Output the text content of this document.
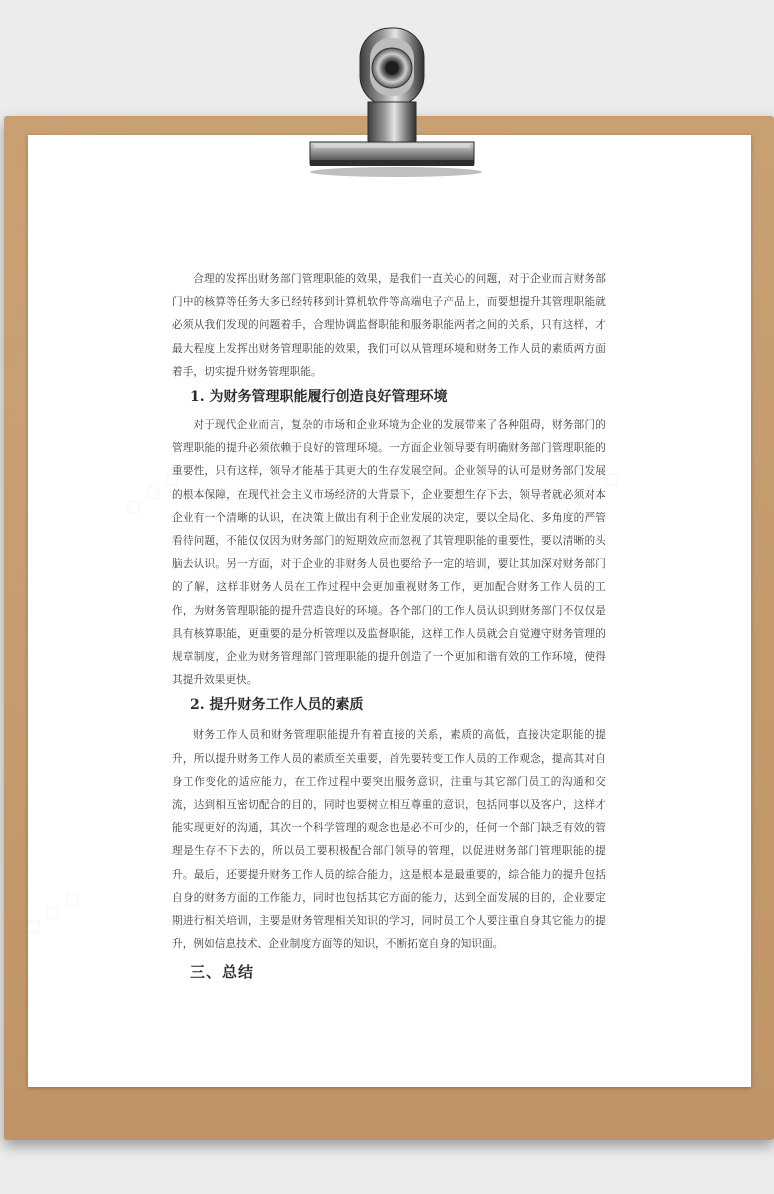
合理的发挥出财务部门管理职能的效果，是我们一直关心的问题，对于企业而言财务部门中的核算等任务大多已经转移到计算机软件等高端电子产品上，而要想提升其管理职能就必须从我们发现的问题着手，合理协调监督职能和服务职能两者之间的关系，只有这样，才最大程度上发挥出财务管理职能的效果，我们可以从管理环境和财务工作人员的素质两方面着手，切实提升财务管理职能。

1. 为财务管理职能履行创造良好管理环境

对于现代企业而言，复杂的市场和企业环境为企业的发展带来了各种阻碍，财务部门的管理职能的提升必须依赖于良好的管理环境。一方面企业领导要有明确财务部门管理职能的重要性，只有这样，领导才能基于其更大的生存发展空间。企业领导的认可是财务部门发展的根本保障，在现代社会主义市场经济的大背景下，企业要想生存下去，领导者就必须对本企业有一个清晰的认识，在决策上做出有利于企业发展的决定，要以全局化、多角度的严管看待问题，不能仅仅因为财务部门的短期效应而忽视了其管理职能的重要性，要以清晰的头脑去认识。另一方面，对于企业的非财务人员也要给予一定的培训，要让其加深对财务部门的了解，这样非财务人员在工作过程中会更加重视财务工作，更加配合财务工作人员的工作，为财务管理职能的提升营造良好的环境。各个部门的工作人员认识到财务部门不仅仅是具有核算职能，更重要的是分析管理以及监督职能，这样工作人员就会自觉遵守财务管理的规章制度，企业为财务管理部门管理职能的提升创造了一个更加和谐有效的工作环境，使得其提升效果更快。

2. 提升财务工作人员的素质

财务工作人员和财务管理职能提升有着直接的关系，素质的高低，直接决定职能的提升，所以提升财务工作人员的素质至关重要，首先要转变工作人员的工作观念，提高其对自身工作变化的适应能力，在工作过程中要突出服务意识，注重与其它部门员工的沟通和交流，达到相互密切配合的目的，同时也要树立相互尊重的意识，包括同事以及客户，这样才能实现更好的沟通，其次一个科学管理的观念也是必不可少的，任何一个部门缺乏有效的管理是生存不下去的，所以员工要积极配合部门领导的管理，以促进财务部门管理职能的提升。最后，还要提升财务工作人员的综合能力，这是根本是最重要的，综合能力的提升包括自身的财务方面的工作能力，同时也包括其它方面的能力，达到全面发展的目的，企业要定期进行相关培训，主要是财务管理相关知识的学习，同时员工个人要注重自身其它能力的提升，例如信息技术、企业制度方面等的知识，不断拓宽自身的知识面。

三、总结
